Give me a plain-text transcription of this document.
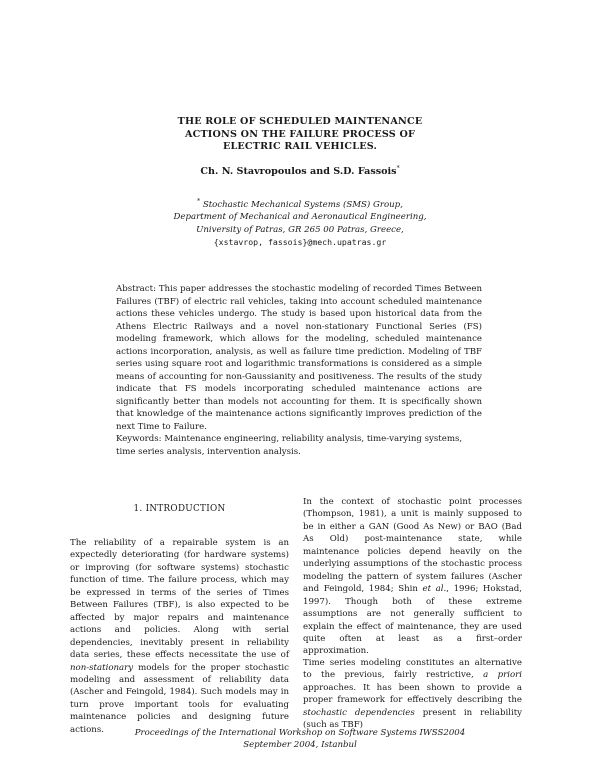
THE ROLE OF SCHEDULED MAINTENANCE
ACTIONS ON THE FAILURE PROCESS OF
ELECTRIC RAIL VEHICLES.
Ch. N. Stavropoulos and S.D. Fassois*
* Stochastic Mechanical Systems (SMS) Group,
Department of Mechanical and Aeronautical Engineering,
University of Patras, GR 265 00 Patras, Greece,
{xstavrop, fassois}@mech.upatras.gr
Abstract: This paper addresses the stochastic modeling of recorded Times Between Failures (TBF) of electric rail vehicles, taking into account scheduled maintenance actions these vehicles undergo. The study is based upon historical data from the Athens Electric Railways and a novel non-stationary Functional Series (FS) modeling framework, which allows for the modeling, scheduled maintenance actions incorporation, analysis, as well as failure time prediction. Modeling of TBF series using square root and logarithmic transformations is considered as a simple means of accounting for non-Gaussianity and positiveness. The results of the study indicate that FS models incorporating scheduled maintenance actions are significantly better than models not accounting for them. It is specifically shown that knowledge of the maintenance actions significantly improves prediction of the next Time to Failure.
Keywords: Maintenance engineering, reliability analysis, time-varying systems, time series analysis, intervention analysis.
1. INTRODUCTION
The reliability of a repairable system is an expectedly deteriorating (for hardware systems) or improving (for software systems) stochastic function of time. The failure process, which may be expressed in terms of the series of Times Between Failures (TBF), is also expected to be affected by major repairs and maintenance actions and policies. Along with serial dependencies, inevitably present in reliability data series, these effects necessitate the use of non-stationary models for the proper stochastic modeling and assessment of reliability data (Ascher and Feingold, 1984). Such models may in turn prove important tools for evaluating maintenance policies and designing future actions.
In the context of stochastic point processes (Thompson, 1981), a unit is mainly supposed to be in either a GAN (Good As New) or BAO (Bad As Old) post-maintenance state, while maintenance policies depend heavily on the underlying assumptions of the stochastic process modeling the pattern of system failures (Ascher and Feingold, 1984; Shin et al., 1996; Hokstad, 1997). Though both of these extreme assumptions are not generally sufficient to explain the effect of maintenance, they are used quite often at least as a first–order approximation.
Time series modeling constitutes an alternative to the previous, fairly restrictive, a priori approaches. It has been shown to provide a proper framework for effectively describing the stochastic dependencies present in reliability (such as TBF)
Proceedings of the International Workshop on Software Systems IWSS2004
September 2004, Istanbul
